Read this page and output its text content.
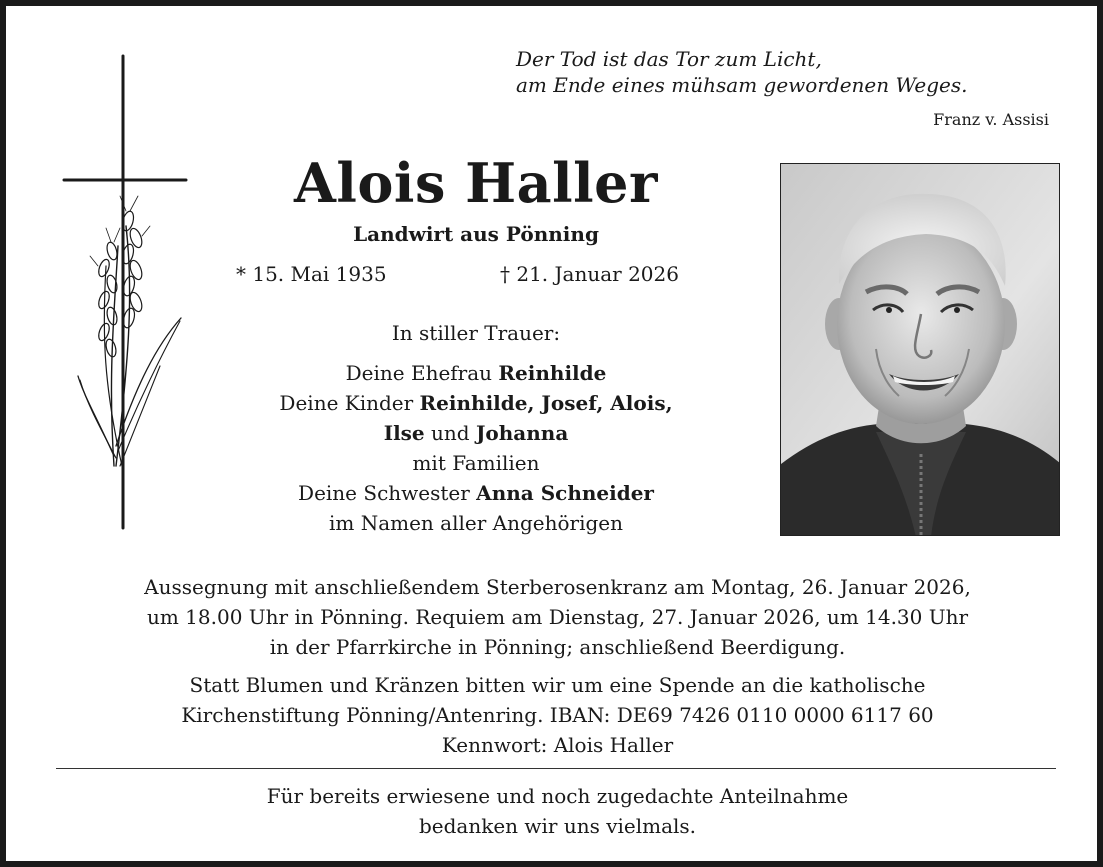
Der Tod ist das Tor zum Licht,
am Ende eines mühsam gewordenen Weges.
Franz v. Assisi
Alois Haller
Landwirt aus Pönning
* 15. Mai 1935	† 21. Januar 2026
In stiller Trauer:
Deine Ehefrau Reinhilde
Deine Kinder Reinhilde, Josef, Alois,
Ilse und Johanna
mit Familien
Deine Schwester Anna Schneider
im Namen aller Angehörigen
Aussegnung mit anschließendem Sterberosenkranz am Montag, 26. Januar 2026,
um 18.00 Uhr in Pönning. Requiem am Dienstag, 27. Januar 2026, um 14.30 Uhr
in der Pfarrkirche in Pönning; anschließend Beerdigung.
Statt Blumen und Kränzen bitten wir um eine Spende an die katholische
Kirchenstiftung Pönning/Antenring. IBAN: DE69 7426 0110 0000 6117 60
Kennwort: Alois Haller
Für bereits erwiesene und noch zugedachte Anteilnahme
bedanken wir uns vielmals.
